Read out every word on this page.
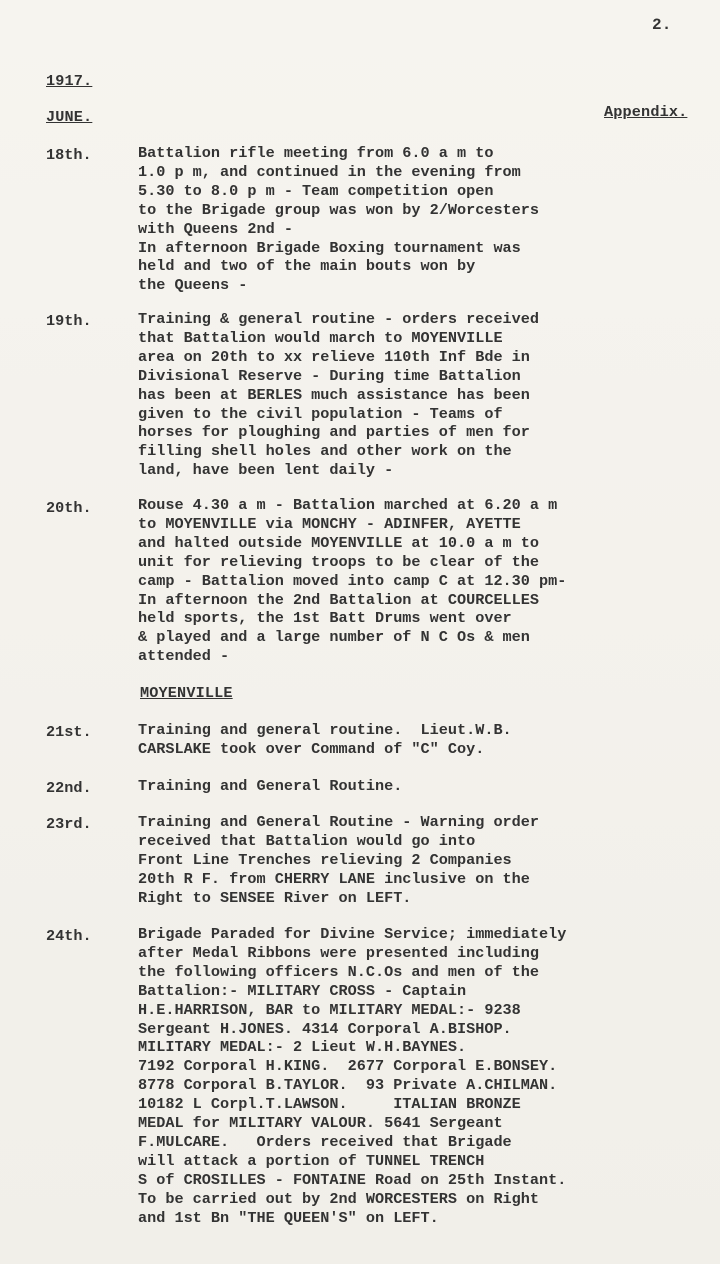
2.
1917.
JUNE.	Appendix.
18th.	Battalion rifle meeting from 6.0 a m to
1.0 p m, and continued in the evening from
5.30 to 8.0 p m - Team competition open
to the Brigade group was won by 2/Worcesters
with Queens 2nd -
In afternoon Brigade Boxing tournament was
held and two of the main bouts won by
the Queens -
19th.	Training & general routine - orders received
that Battalion would march to MOYENVILLE
area on 20th to xx relieve 110th Inf Bde in
Divisional Reserve - During time Battalion
has been at BERLES much assistance has been
given to the civil population - Teams of
horses for ploughing and parties of men for
filling shell holes and other work on the
land, have been lent daily -
20th.	Rouse 4.30 a m - Battalion marched at 6.20 a m
to MOYENVILLE via MONCHY - ADINFER, AYETTE
and halted outside MOYENVILLE at 10.0 a m to
unit for relieving troops to be clear of the
camp - Battalion moved into camp C at 12.30 pm-
In afternoon the 2nd Battalion at COURCELLES
held sports, the 1st Batt Drums went over
& played and a large number of N C Os & men
attended -
MOYENVILLE
21st.	Training and general routine.  Lieut.W.B.
CARSLAKE took over Command of "C" Coy.
22nd.	Training and General Routine.
23rd.	Training and General Routine - Warning order
received that Battalion would go into
Front Line Trenches relieving 2 Companies
20th R F. from CHERRY LANE inclusive on the
Right to SENSEE River on LEFT.
24th.	Brigade Paraded for Divine Service; immediately
after Medal Ribbons were presented including
the following officers N.C.Os and men of the
Battalion:- MILITARY CROSS - Captain
H.E.HARRISON, BAR to MILITARY MEDAL:- 9238
Sergeant H.JONES. 4314 Corporal A.BISHOP.
MILITARY MEDAL:- 2 Lieut W.H.BAYNES.
7192 Corporal H.KING.  2677 Corporal E.BONSEY.
8778 Corporal B.TAYLOR.  93 Private A.CHILMAN.
10182 L Corpl.T.LAWSON.     ITALIAN BRONZE
MEDAL for MILITARY VALOUR. 5641 Sergeant
F.MULCARE.   Orders received that Brigade
will attack a portion of TUNNEL TRENCH
S of CROSILLES - FONTAINE Road on 25th Instant.
To be carried out by 2nd WORCESTERS on Right
and 1st Bn "THE QUEEN'S" on LEFT.
